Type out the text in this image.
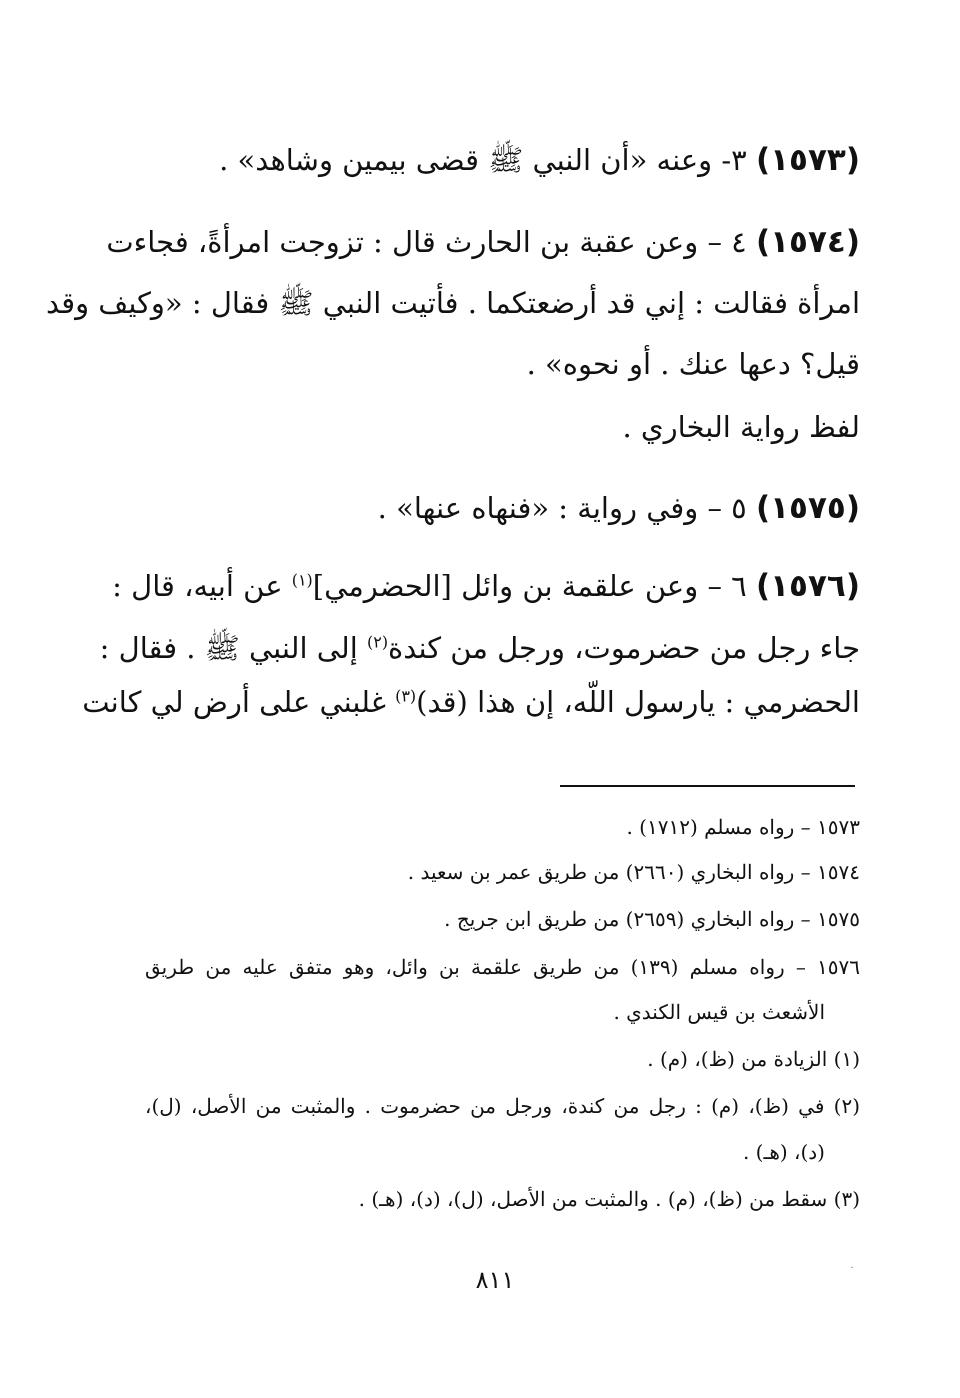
(١٥٧٣) ٣- وعنه «أن النبي ﷺ قضى بيمين وشاهد» .
(١٥٧٤) ٤ – وعن عقبة بن الحارث قال : تزوجت امرأةً، فجاءت
امرأة فقالت : إني قد أرضعتكما . فأتيت النبي ﷺ فقال : «وكيف وقد
قيل؟ دعها عنك . أو نحوه» .
لفظ رواية البخاري .
(١٥٧٥) ٥ – وفي رواية : «فنهاه عنها» .
(١٥٧٦) ٦ – وعن علقمة بن وائل [الحضرمي]$^{(١)}$ عن أبيه، قال :
جاء رجل من حضرموت، ورجل من كندة$^{(٢)}$ إلى النبي ﷺ . فقال :
الحضرمي : يارسول اللّه، إن هذا (قد)$^{(٣)}$ غلبني على أرض لي كانت
١٥٧٣ – رواه مسلم (١٧١٢) .
١٥٧٤ – رواه البخاري (٢٦٦٠) من طريق عمر بن سعيد .
١٥٧٥ – رواه البخاري (٢٦٥٩) من طريق ابن جريج .
١٥٧٦ – رواه مسلم (١٣٩) من طريق علقمة بن وائل، وهو متفق عليه من طريق
الأشعث بن قيس الكندي .
(١) الزيادة من (ظ)، (م) .
(٢) في (ظ)، (م) : رجل من كندة، ورجل من حضرموت . والمثبت من الأصل، (ل)،
(د)، (هـ) .
(٣) سقط من (ظ)، (م) . والمثبت من الأصل، (ل)، (د)، (هـ) .
٨١١	·
